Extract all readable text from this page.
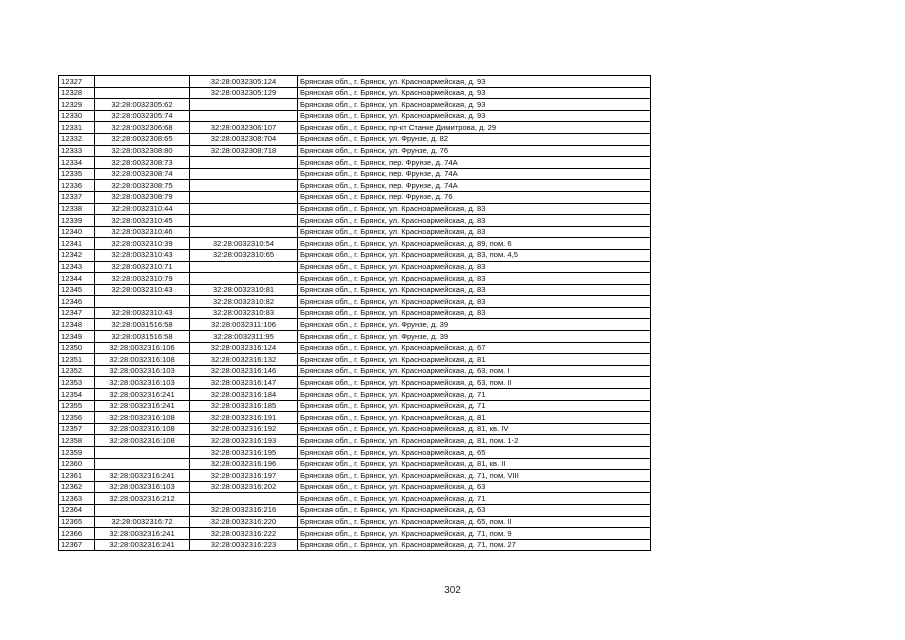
12327		32:28:0032305:124	Брянская обл., г. Брянск, ул. Красноармейская, д. 93
12328		32:28:0032305:129	Брянская обл., г. Брянск, ул. Красноармейская, д. 93
12329	32:28:0032305:62		Брянская обл., г. Брянск, ул. Красноармейская, д. 93
12330	32:28:0032305:74		Брянская обл., г. Брянск, ул. Красноармейская, д. 93
12331	32:28:0032306:68	32:28:0032306:107	Брянская обл., г. Брянск, пр-кт Станке Димитрова, д. 29
12332	32:28:0032308:65	32:28:0032308:704	Брянская обл., г. Брянск, ул. Фрунзе, д. 82
12333	32:28:0032308:80	32:28:0032308:718	Брянская обл., г. Брянск, ул. Фрунзе, д. 76
12334	32:28:0032308:73		Брянская обл., г. Брянск, пер. Фрунзе, д. 74А
12335	32:28:0032308:74		Брянская обл., г. Брянск, пер. Фрунзе, д. 74А
12336	32:28:0032308:75		Брянская обл., г. Брянск, пер. Фрунзе, д. 74А
12337	32:28:0032308:79		Брянская обл., г. Брянск, пер. Фрунзе, д. 76
12338	32:28:0032310:44		Брянская обл., г. Брянск, ул. Красноармейская, д. 83
12339	32:28:0032310:45		Брянская обл., г. Брянск, ул. Красноармейская, д. 83
12340	32:28:0032310:46		Брянская обл., г. Брянск, ул. Красноармейская, д. 83
12341	32:28:0032310:39	32:28:0032310:54	Брянская обл., г. Брянск, ул. Красноармейская, д. 89, пом. 6
12342	32:28:0032310:43	32:28:0032310:65	Брянская обл., г. Брянск, ул. Красноармейская, д. 83, пом. 4,5
12343	32:28:0032310:71		Брянская обл., г. Брянск, ул. Красноармейская, д. 83
12344	32:28:0032310:79		Брянская обл., г. Брянск, ул. Красноармейская, д. 83
12345	32:28:0032310:43	32:28:0032310:81	Брянская обл., г. Брянск, ул. Красноармейская, д. 83
12346		32:28:0032310:82	Брянская обл., г. Брянск, ул. Красноармейская, д. 83
12347	32:28:0032310:43	32:28:0032310:83	Брянская обл., г. Брянск, ул. Красноармейская, д. 83
12348	32:28:0031516:58	32:28:0032311:106	Брянская обл., г. Брянск, ул. Фрунзе, д. 39
12349	32:28:0031516:58	32:28:0032311:95	Брянская обл., г. Брянск, ул. Фрунзе, д. 39
12350	32:28:0032316:106	32:28:0032316:124	Брянская обл., г. Брянск, ул. Красноармейская, д. 67
12351	32:28:0032316:108	32:28:0032316:132	Брянская обл., г. Брянск, ул. Красноармейская, д. 81
12352	32:28:0032316:103	32:28:0032316:146	Брянская обл., г. Брянск, ул. Красноармейская, д. 63, пом. I
12353	32:28:0032316:103	32:28:0032316:147	Брянская обл., г. Брянск, ул. Красноармейская, д. 63, пом. II
12354	32:28:0032316:241	32:28:0032316:184	Брянская обл., г. Брянск, ул. Красноармейская, д. 71
12355	32:28:0032316:241	32:28:0032316:185	Брянская обл., г. Брянск, ул. Красноармейская, д. 71
12356	32:28:0032316:108	32:28:0032316:191	Брянская обл., г. Брянск, ул. Красноармейская, д. 81
12357	32:28:0032316:108	32:28:0032316:192	Брянская обл., г. Брянск, ул. Красноармейская, д. 81, кв. IV
12358	32:28:0032316:108	32:28:0032316:193	Брянская обл., г. Брянск, ул. Красноармейская, д. 81, пом. 1-2
12359		32:28:0032316:195	Брянская обл., г. Брянск, ул. Красноармейская, д. 65
12360		32:28:0032316:196	Брянская обл., г. Брянск, ул. Красноармейская, д. 81, кв. II
12361	32:28:0032316:241	32:28:0032316:197	Брянская обл., г. Брянск, ул. Красноармейская, д. 71, пом. VIII
12362	32:28:0032316:103	32:28:0032316:202	Брянская обл., г. Брянск, ул. Красноармейская, д. 63
12363	32:28:0032316:212		Брянская обл., г. Брянск, ул. Красноармейская, д. 71
12364		32:28:0032316:216	Брянская обл., г. Брянск, ул. Красноармейская, д. 63
12365	32:28:0032316:72	32:28:0032316:220	Брянская обл., г. Брянск, ул. Красноармейская, д. 65, пом. II
12366	32:28:0032316:241	32:28:0032316:222	Брянская обл., г. Брянск, ул. Красноармейская, д. 71, пом. 9
12367	32:28:0032316:241	32:28:0032316:223	Брянская обл., г. Брянск, ул. Красноармейская, д. 71, пом. 27
302
